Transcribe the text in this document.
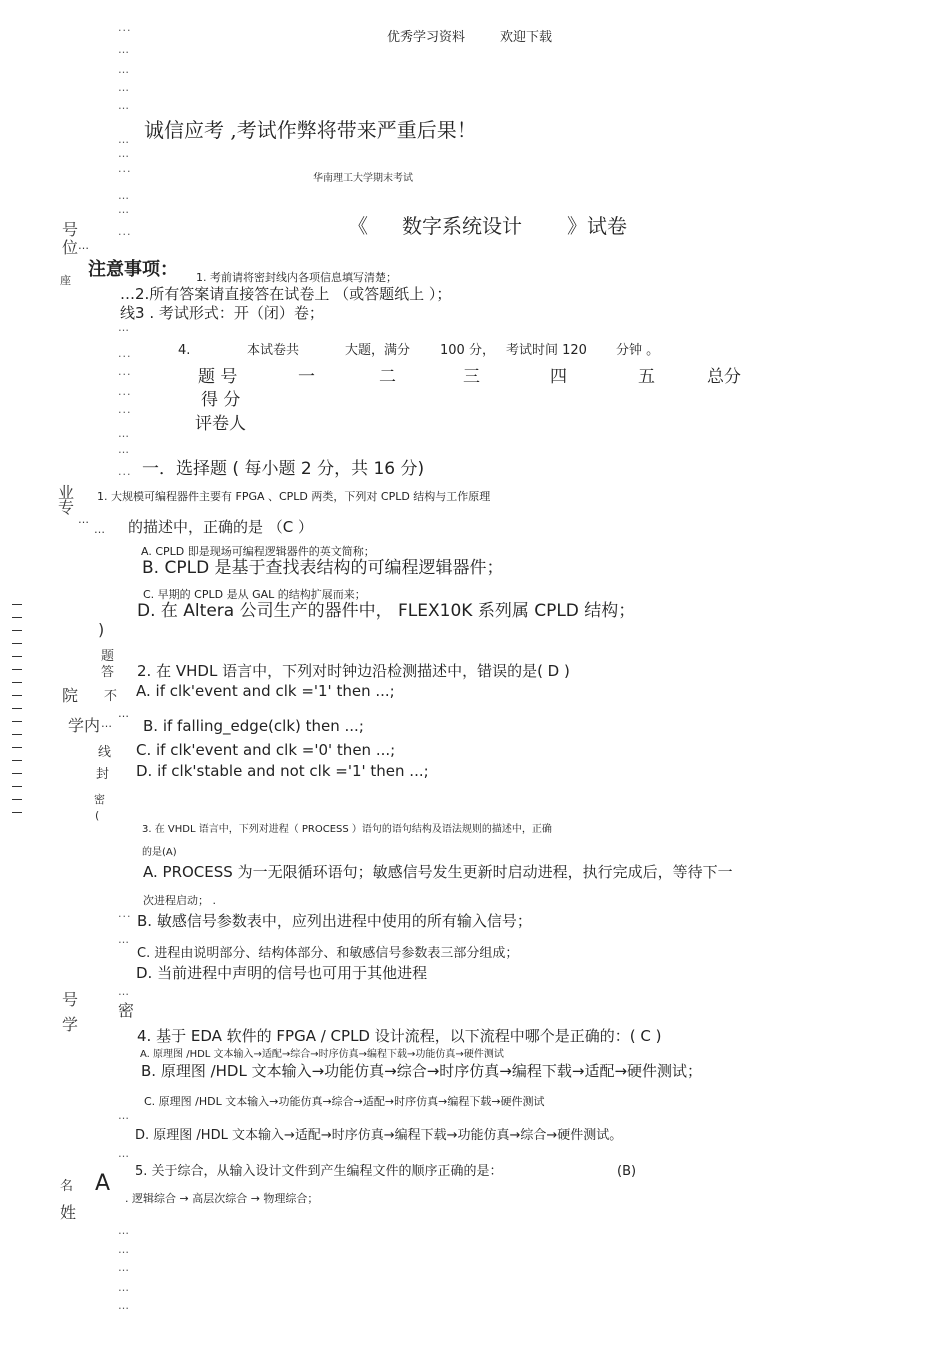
优秀学习资料	欢迎下载
...
…
…
…
…
…
…
...
…
…
...
…
...
...
...
...
…
…
...
...
…
…
…
…
…
…
…
…
…
号
位
座
…
业
专
…
…
题
答
不
院
学 内 …
…
线
封
密
(
)
号
学
密
名
姓
诚信应考 ,考试作弊将带来严重后果！
华南理工大学期末考试
《 数字系统设计 》试卷
注意事项： 1. 考前请将密封线内各项信息填写清楚；
…2.所有答案请直接答在试卷上 （或答题纸上 ）；
线3 . 考试形式：开（闭）卷；
4.	本试卷共	大题，满分 100 分， 考试时间 120 分钟 。
题 号	一	二	三	四	五	总分
得 分
评卷人
一．选择题 ( 每小题 2 分，共 16 分)
1. 大规模可编程器件主要有 FPGA 、CPLD 两类，下列对 CPLD 结构与工作原理
的描述中，正确的是 （C ）
A. CPLD 即是现场可编程逻辑器件的英文简称；
B. CPLD 是基于查找表结构的可编程逻辑器件；
C. 早期的 CPLD 是从 GAL 的结构扩展而来；
D. 在 Altera 公司生产的器件中， FLEX10K 系列属 CPLD 结构；
2. 在 VHDL 语言中，下列对时钟边沿检测描述中，错误的是( D )
A. if clk'event and clk ='1' then ...;
B. if falling_edge(clk) then ...;
C. if clk'event and clk ='0' then ...;
D. if clk'stable and not clk ='1' then ...;
3. 在 VHDL 语言中，下列对进程（ PROCESS ）语句的语句结构及语法规则的描述中，正确
的是(A)
A. PROCESS 为一无限循环语句；敏感信号发生更新时启动进程，执行完成后，等待下一
次进程启动； .
B. 敏感信号参数表中，应列出进程中使用的所有输入信号；
C. 进程由说明部分、结构体部分、和敏感信号参数表三部分组成；
D. 当前进程中声明的信号也可用于其他进程
4. 基于 EDA 软件的 FPGA / CPLD 设计流程，以下流程中哪个是正确的：( C )
A. 原理图 /HDL 文本输入→适配→综合→时序仿真→编程下载→功能仿真→硬件测试
B. 原理图 /HDL 文本输入→功能仿真→综合→时序仿真→编程下载→适配→硬件测试；
C. 原理图 /HDL 文本输入→功能仿真→综合→适配→时序仿真→编程下载→硬件测试
D. 原理图 /HDL 文本输入→适配→时序仿真→编程下载→功能仿真→综合→硬件测试。
5. 关于综合，从输入设计文件到产生编程文件的顺序正确的是：	(B)
A
. 逻辑综合 → 高层次综合 → 物理综合；
